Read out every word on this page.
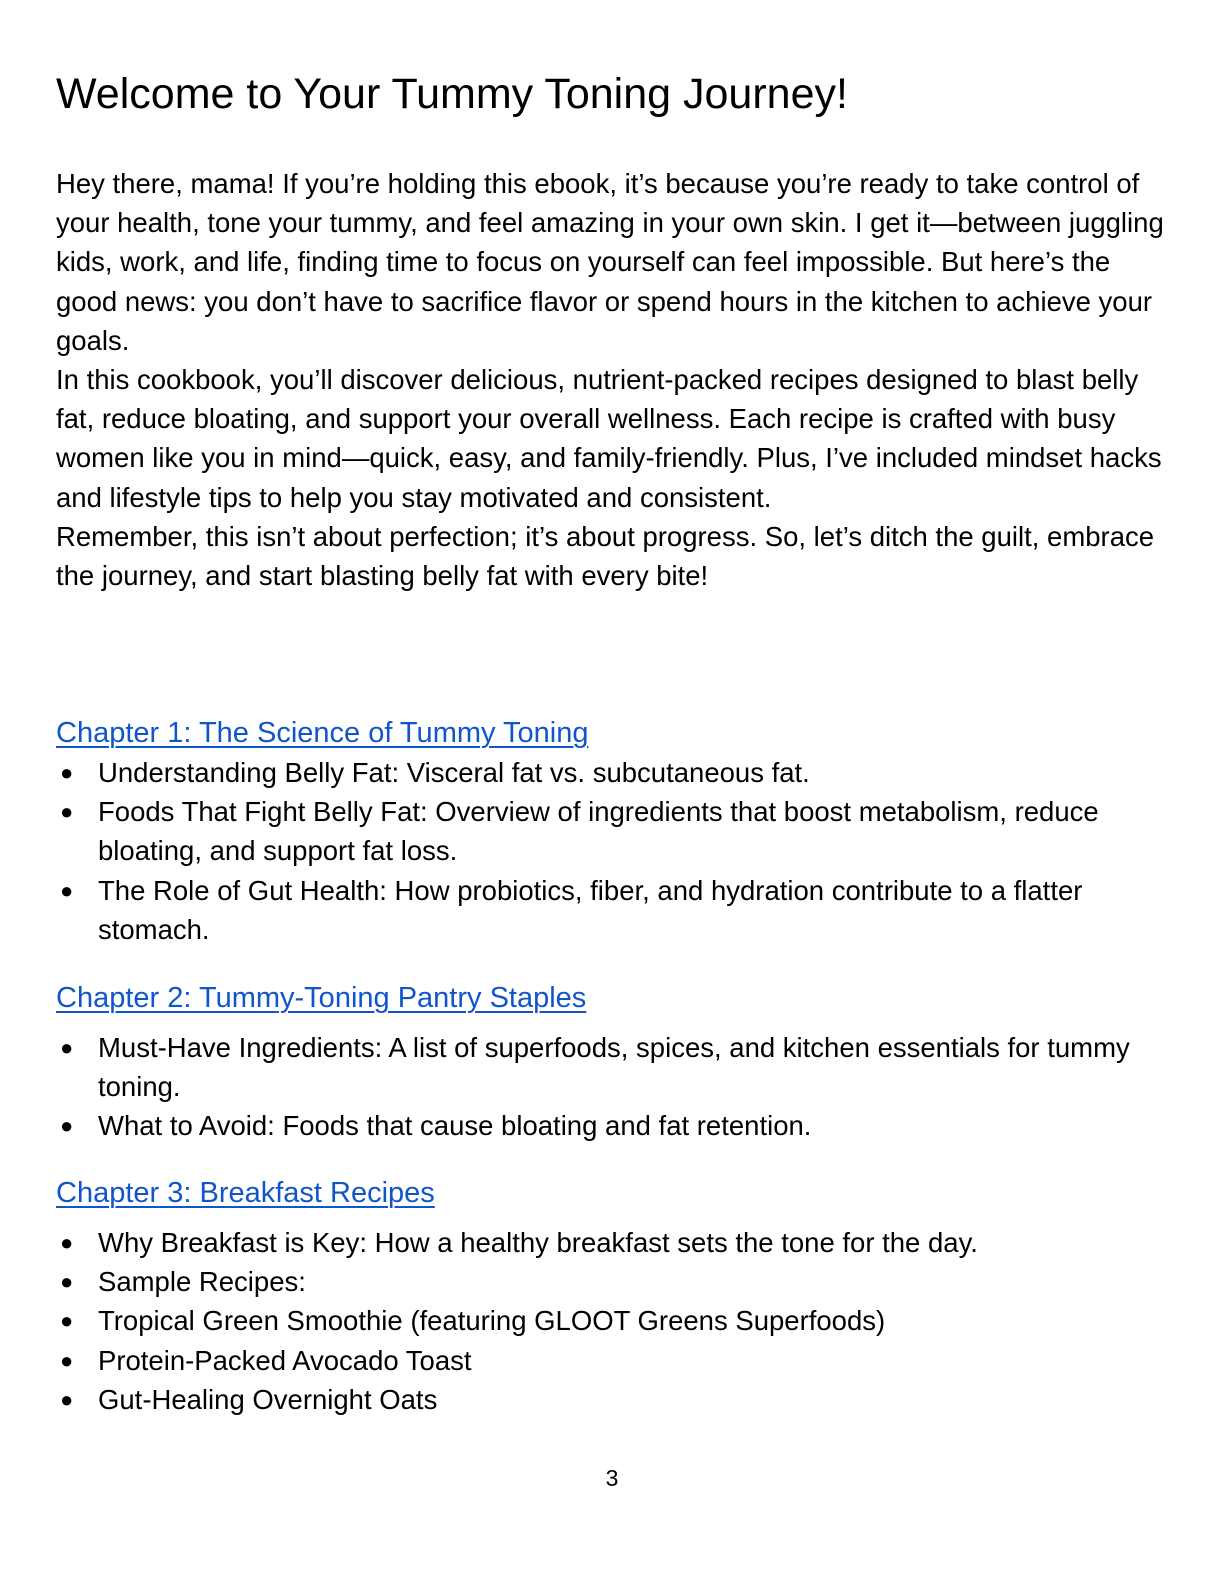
Welcome to Your Tummy Toning Journey!

Hey there, mama! If you’re holding this ebook, it’s because you’re ready to take control of your health, tone your tummy, and feel amazing in your own skin. I get it—between juggling kids, work, and life, finding time to focus on yourself can feel impossible. But here’s the good news: you don’t have to sacrifice flavor or spend hours in the kitchen to achieve your goals.

In this cookbook, you’ll discover delicious, nutrient-packed recipes designed to blast belly fat, reduce bloating, and support your overall wellness. Each recipe is crafted with busy women like you in mind—quick, easy, and family-friendly. Plus, I’ve included mindset hacks and lifestyle tips to help you stay motivated and consistent.

Remember, this isn’t about perfection; it’s about progress. So, let’s ditch the guilt, embrace the journey, and start blasting belly fat with every bite!

Chapter 1: The Science of Tummy Toning
● Understanding Belly Fat: Visceral fat vs. subcutaneous fat.
● Foods That Fight Belly Fat: Overview of ingredients that boost metabolism, reduce bloating, and support fat loss.
● The Role of Gut Health: How probiotics, fiber, and hydration contribute to a flatter stomach.
Chapter 2: Tummy-Toning Pantry Staples
● Must-Have Ingredients: A list of superfoods, spices, and kitchen essentials for tummy toning.
● What to Avoid: Foods that cause bloating and fat retention.
Chapter 3: Breakfast Recipes
● Why Breakfast is Key: How a healthy breakfast sets the tone for the day.
● Sample Recipes:
● Tropical Green Smoothie (featuring GLOOT Greens Superfoods)
● Protein-Packed Avocado Toast
● Gut-Healing Overnight Oats
3
